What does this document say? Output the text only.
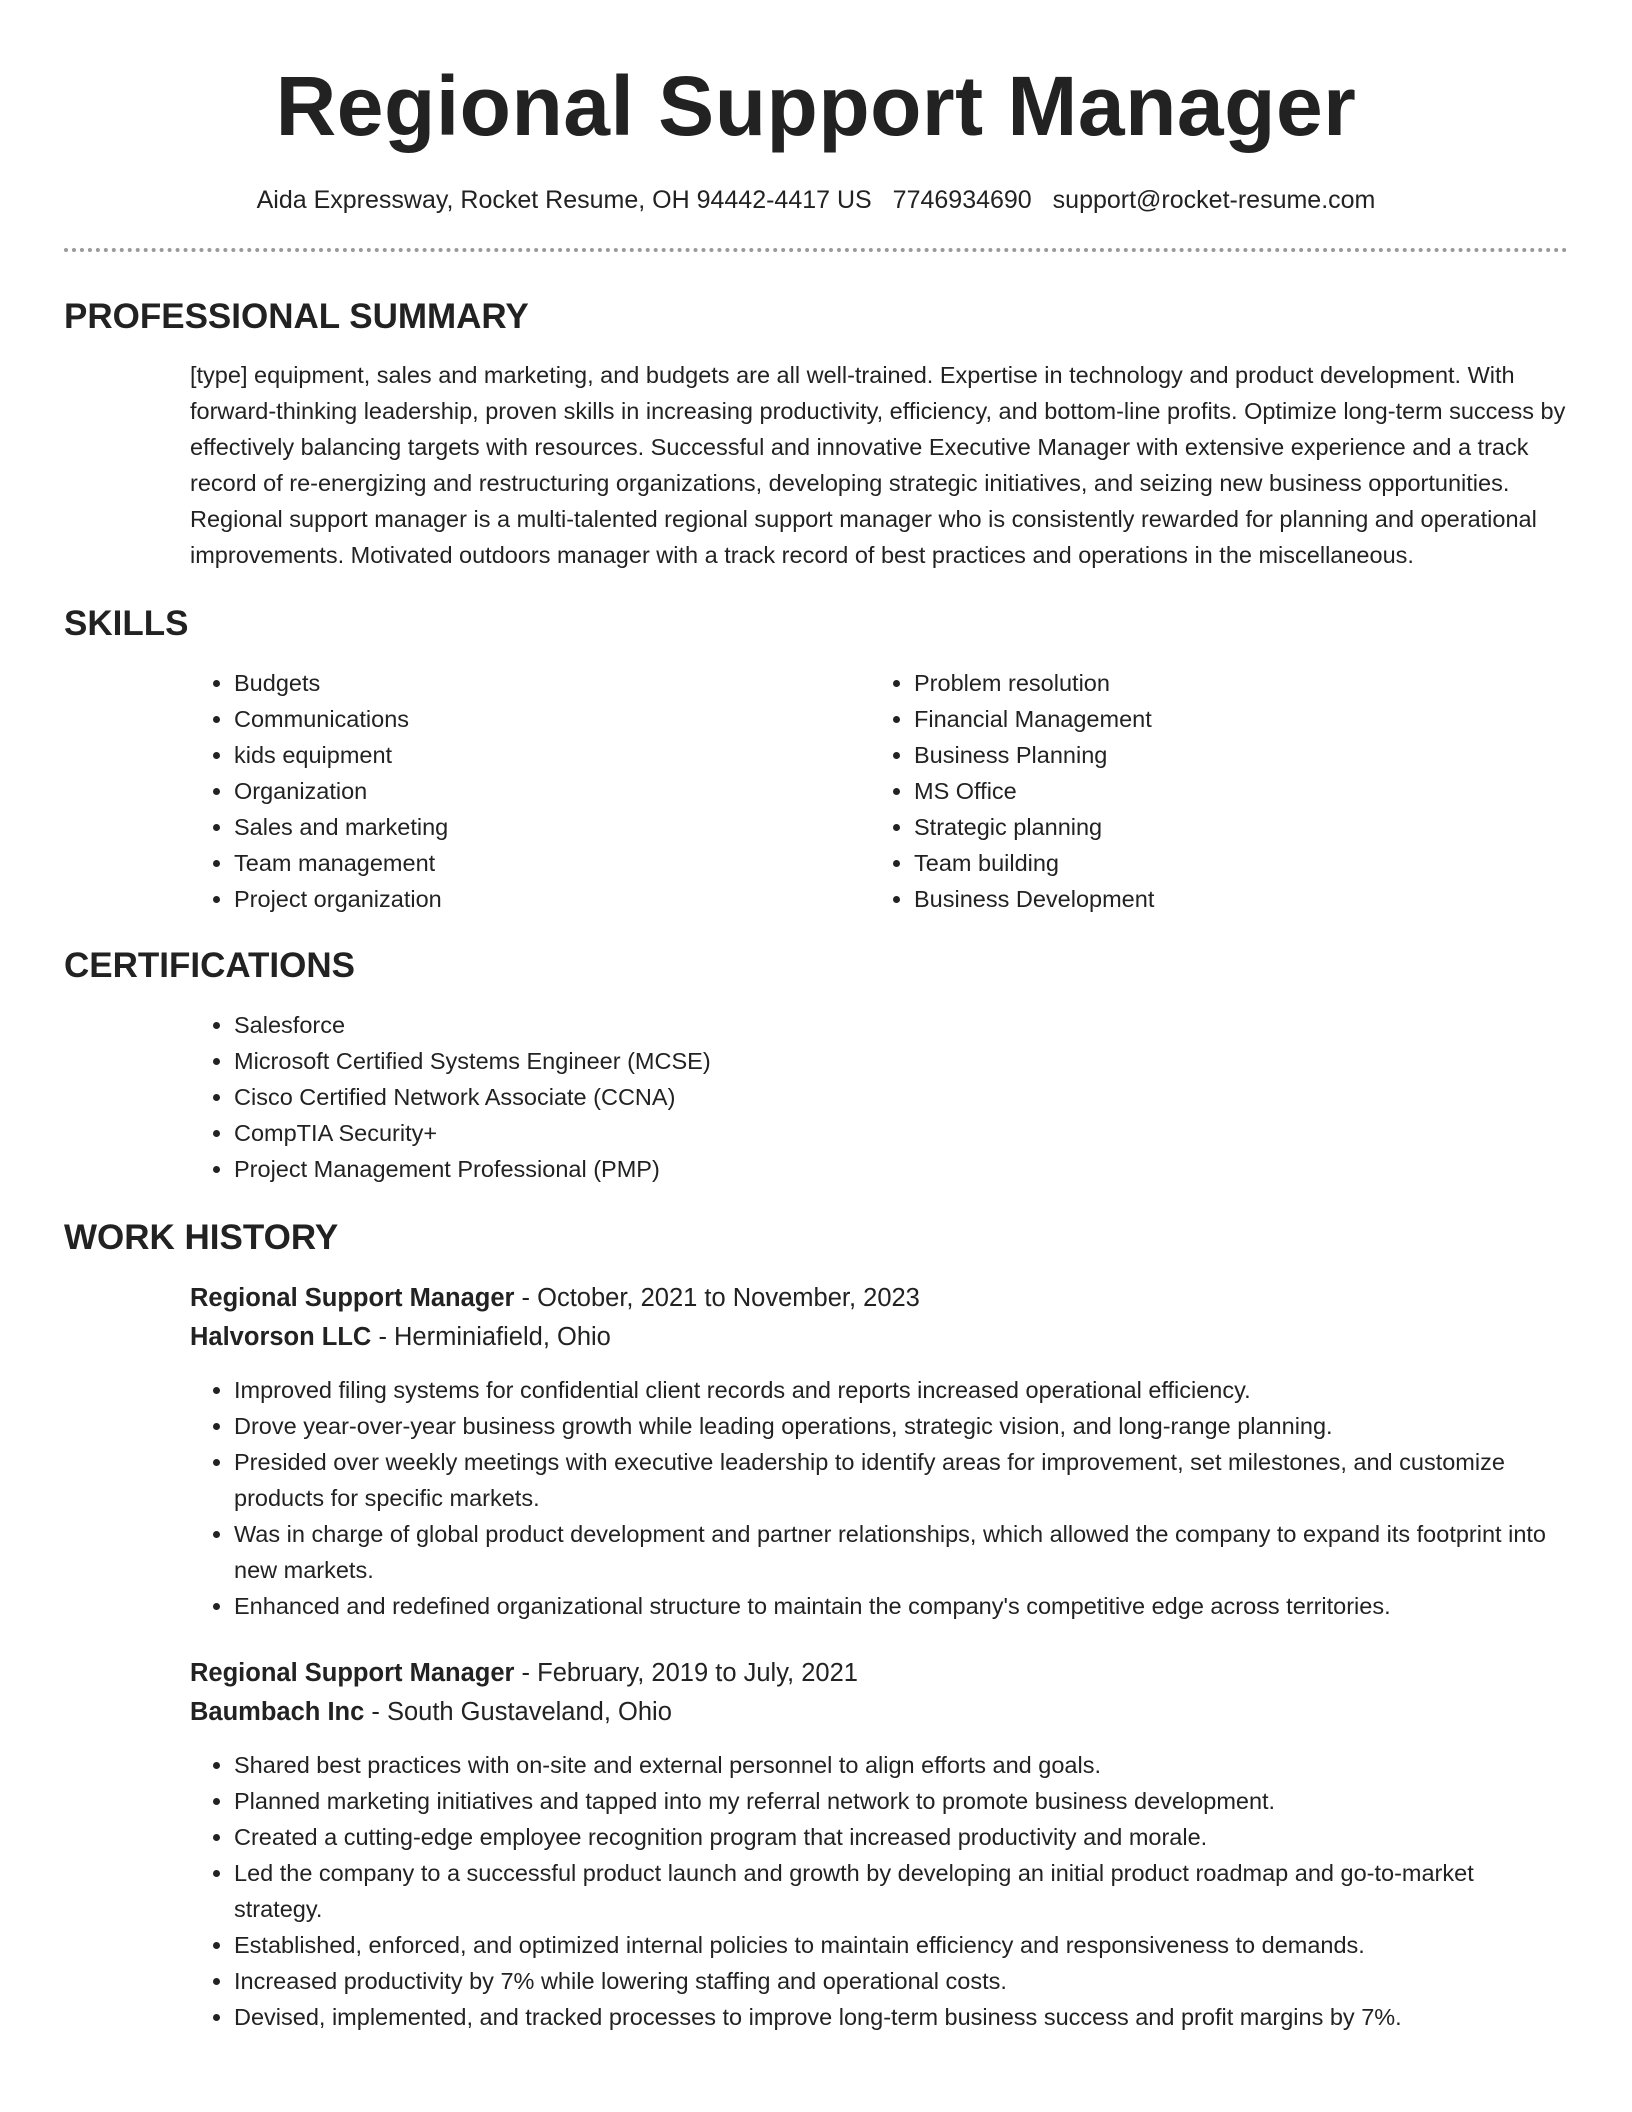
Regional Support Manager
Aida Expressway, Rocket Resume, OH 94442-4417 US 7746934690 support@rocket-resume.com
PROFESSIONAL SUMMARY
[type] equipment, sales and marketing, and budgets are all well-trained. Expertise in technology and product development. With forward-thinking leadership, proven skills in increasing productivity, efficiency, and bottom-line profits. Optimize long-term success by effectively balancing targets with resources. Successful and innovative Executive Manager with extensive experience and a track record of re-energizing and restructuring organizations, developing strategic initiatives, and seizing new business opportunities. Regional support manager is a multi-talented regional support manager who is consistently rewarded for planning and operational improvements. Motivated outdoors manager with a track record of best practices and operations in the miscellaneous.
SKILLS
• Budgets
• Communications
• kids equipment
• Organization
• Sales and marketing
• Team management
• Project organization
• Problem resolution
• Financial Management
• Business Planning
• MS Office
• Strategic planning
• Team building
• Business Development
CERTIFICATIONS
• Salesforce
• Microsoft Certified Systems Engineer (MCSE)
• Cisco Certified Network Associate (CCNA)
• CompTIA Security+
• Project Management Professional (PMP)
WORK HISTORY
Regional Support Manager - October, 2021 to November, 2023
Halvorson LLC - Herminiafield, Ohio
• Improved filing systems for confidential client records and reports increased operational efficiency.
• Drove year-over-year business growth while leading operations, strategic vision, and long-range planning.
• Presided over weekly meetings with executive leadership to identify areas for improvement, set milestones, and customize products for specific markets.
• Was in charge of global product development and partner relationships, which allowed the company to expand its footprint into new markets.
• Enhanced and redefined organizational structure to maintain the company's competitive edge across territories.
Regional Support Manager - February, 2019 to July, 2021
Baumbach Inc - South Gustaveland, Ohio
• Shared best practices with on-site and external personnel to align efforts and goals.
• Planned marketing initiatives and tapped into my referral network to promote business development.
• Created a cutting-edge employee recognition program that increased productivity and morale.
• Led the company to a successful product launch and growth by developing an initial product roadmap and go-to-market strategy.
• Established, enforced, and optimized internal policies to maintain efficiency and responsiveness to demands.
• Increased productivity by 7% while lowering staffing and operational costs.
• Devised, implemented, and tracked processes to improve long-term business success and profit margins by 7%.
